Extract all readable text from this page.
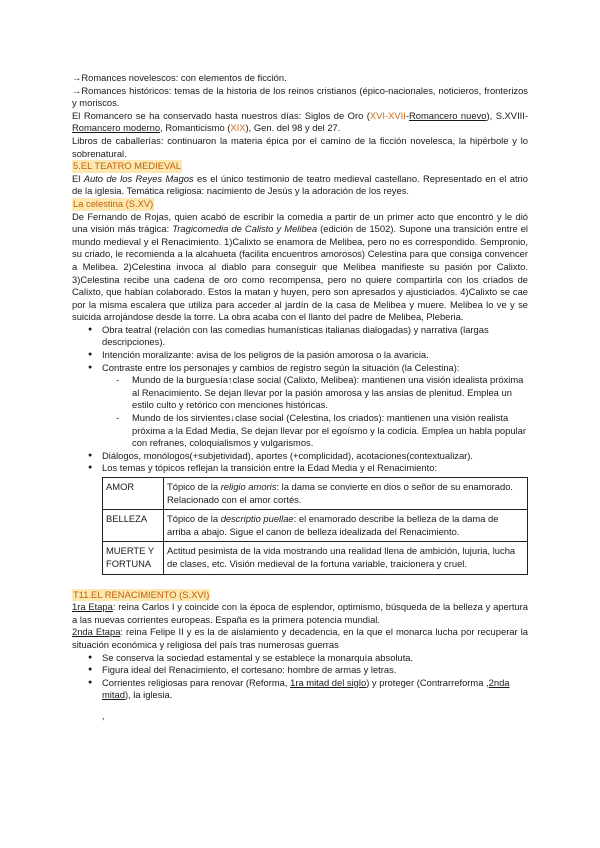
→Romances novelescos: con elementos de ficción.

→Romances históricos: temas de la historia de los reinos cristianos (épico-nacionales, noticieros, fronterizos y moriscos.

El Romancero se ha conservado hasta nuestros días: Siglos de Oro (XVI-XVII-Romancero nuevo), S.XVIII-Romancero moderno, Romanticismo (XIX), Gen. del 98 y del 27.

Libros de caballerías: continuaron la materia épica por el camino de la ficción novelesca, la hipérbole y lo sobrenatural.

5.EL TEATRO MEDIEVAL

El Auto de los Reyes Magos es el único testimonio de teatro medieval castellano. Representado en el atrio de la iglesia. Temática religiosa: nacimiento de Jesús y la adoración de los reyes.

La celestina (S.XV)

De Fernando de Rojas, quien acabó de escribir la comedia a partir de un primer acto que encontró y le dió una visión más trágica: Tragicomedia de Calisto y Melibea (edición de 1502). Supone una transición entre el mundo medieval y el Renacimiento. 1)Calixto se enamora de Melibea, pero no es correspondido. Sempronio, su criado, le recomienda a la alcahueta (facilita encuentros amorosos) Celestina para que consiga convencer a Melibea. 2)Celestina invoca al diablo para conseguir que Melibea manifieste su pasión por Calixto. 3)Celestina recibe una cadena de oro como recompensa, pero no quiere compartirla con los criados de Calixto, que habían colaborado. Estos la matan y huyen, pero son apresados y ajusticiados. 4)Calixto se cae por la misma escalera que utiliza para acceder al jardín de la casa de Melibea y muere. Melibea lo ve y se suicida arrojándose desde la torre. La obra acaba con el llanto del padre de Melibea, Pleberia.

● Obra teatral (relación con las comedias humanísticas italianas dialogadas) y narrativa (largas descripciones).
● Intención moralizante: avisa de los peligros de la pasión amorosa o la avaricia.
● Contraste entre los personajes y cambios de registro según la situación (la Celestina):
- Mundo de la burguesía↑clase social (Calixto, Melibea): mantienen una visión idealista próxima al Renacimiento. Se dejan llevar por la pasión amorosa y las ansias de plenitud. Emplea un estilo culto y retórico con menciones históricas.
- Mundo de los sirvientes↓clase social (Celestina, los criados): mantienen una visión realista próxima a la Edad Media, Se dejan llevar por el egoísmo y la codicia. Emplea un habla popular con refranes, coloquialismos y vulgarismos.
● Diálogos, monólogos(+subjetividad), aportes (+complicidad), acotaciones(contextualizar).
● Los temas y tópicos reflejan la transición entre la Edad Media y el Renacimiento:
AMOR	Tópico de la religio amoris: la dama se convierte en dios o señor de su enamorado. Relacionado con el amor cortés.
BELLEZA	Tópico de la descriptio puellae: el enamorado describe la belleza de la dama de arriba a abajo. Sigue el canon de belleza idealizada del Renacimiento.
MUERTE Y FORTUNA	Actitud pesimista de la vida mostrando una realidad llena de ambición, lujuria, lucha de clases, etc. Visión medieval de la fortuna variable, traicionera y cruel.

T11.EL RENACIMIENTO (S.XVI)

1ra Etapa: reina Carlos I y coincide con la época de esplendor, optimismo, búsqueda de la belleza y apertura a las nuevas corrientes europeas. España es la primera potencia mundial.

2nda Etapa: reina Felipe II y es la de aislamiento y decadencia, en la que el monarca lucha por recuperar la situación económica y religiosa del país tras numerosas guerras

● Se conserva la sociedad estamental y se establece la monarquía absoluta.
● Figura ideal del Renacimiento, el cortesano: hombre de armas y letras.
● Corrientes religiosas para renovar (Reforma, 1ra mitad del siglo) y proteger (Contrarreforma ,2nda mitad), la iglesia.

,
